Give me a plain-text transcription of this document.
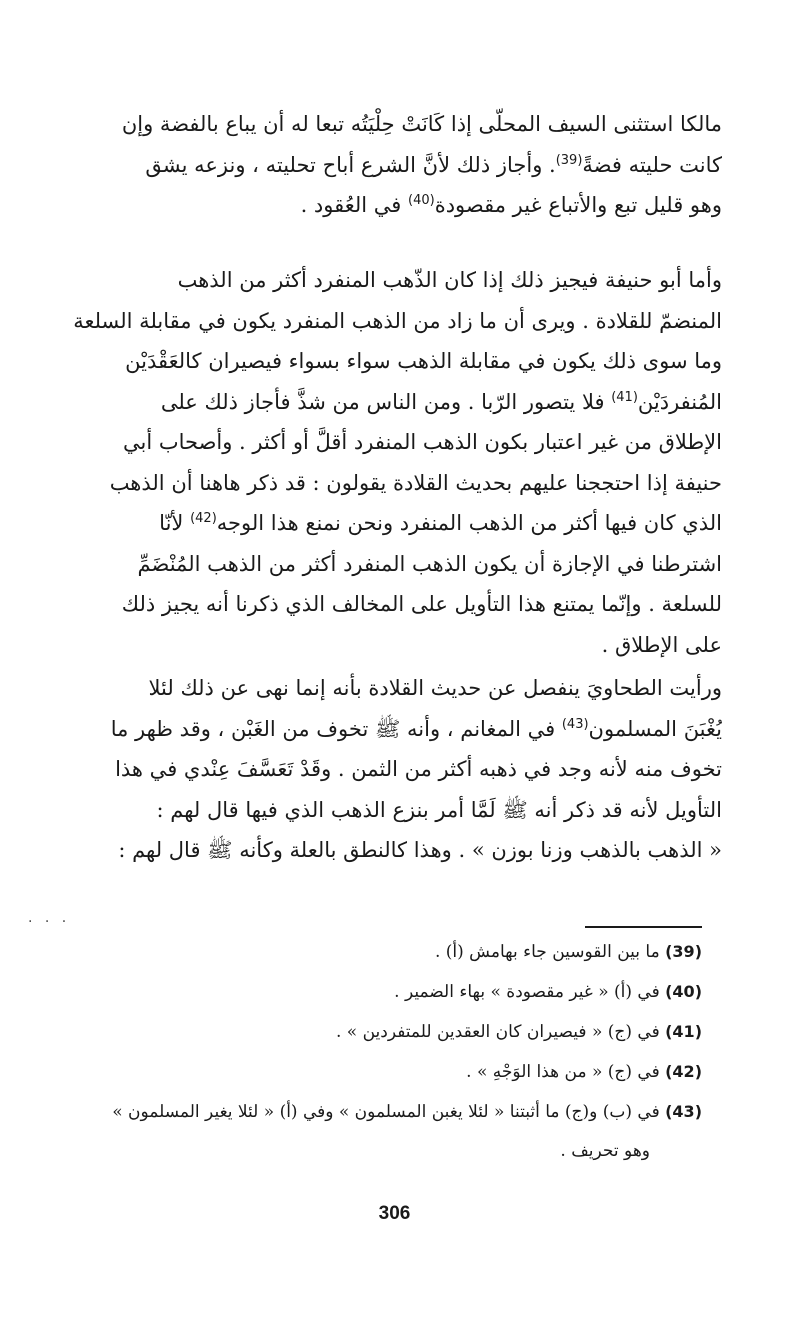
مالكا استثنى السيف المحلّى إذا كَانَتْ حِلْيَتُه تبعا له أن يباع بالفضة وإن
كانت حليته فضةً$^{(39)}$. وأجاز ذلك لأنَّ الشرع أباح تحليته ، ونزعه يشق
وهو قليل تبع والأتباع غير مقصودة$^{(40)}$ في العُقود .
وأما أبو حنيفة فيجيز ذلك إذا كان الذّهب المنفرد أكثر من الذهب
المنضمّ للقلادة . ويرى أن ما زاد من الذهب المنفرد يكون في مقابلة السلعة
وما سوى ذلك يكون في مقابلة الذهب سواء بسواء فيصيران كالعَقْدَيْن
المُنفردَيْن$^{(41)}$ فلا يتصور الرّبا . ومن الناس من شذَّ فأجاز ذلك على
الإطلاق من غير اعتبار بكون الذهب المنفرد أقلَّ أو أكثر . وأصحاب أبي
حنيفة إذا احتججنا عليهم بحديث القلادة يقولون : قد ذكر هاهنا أن الذهب
الذي كان فيها أكثر من الذهب المنفرد ونحن نمنع هذا الوجه$^{(42)}$ لأنّا
اشترطنا في الإجازة أن يكون الذهب المنفرد أكثر من الذهب المُنْضَمِّ
للسلعة . وإنّما يمتنع هذا التأويل على المخالف الذي ذكرنا أنه يجيز ذلك
على الإطلاق .
ورأيت الطحاويَ ينفصل عن حديث القلادة بأنه إنما نهى عن ذلك لئلا
يُغْبَنَ المسلمون$^{(43)}$ في المغانم ، وأنه ﷺ تخوف من الغَبْن ، وقد ظهر ما
تخوف منه لأنه وجد في ذهبه أكثر من الثمن . وقَدْ تَعَسَّفَ عِنْدي في هذا
التأويل لأنه قد ذكر أنه ﷺ لَمَّا أمر بنزع الذهب الذي فيها قال لهم :
« الذهب بالذهب وزنا بوزن » . وهذا كالنطق بالعلة وكأنه ﷺ قال لهم :
. . .
(39) ما بين القوسين جاء بهامش (أ) .
(40) في (أ) « غير مقصودة » بهاء الضمير .
(41) في (ج) « فيصيران كان العقدين للمتفردين » .
(42) في (ج) « من هذا الوَجْهِ » .
(43) في (ب) و(ج) ما أثبتنا « لئلا يغبن المسلمون » وفي (أ) « لئلا يغير المسلمون »
وهو تحريف .
306
